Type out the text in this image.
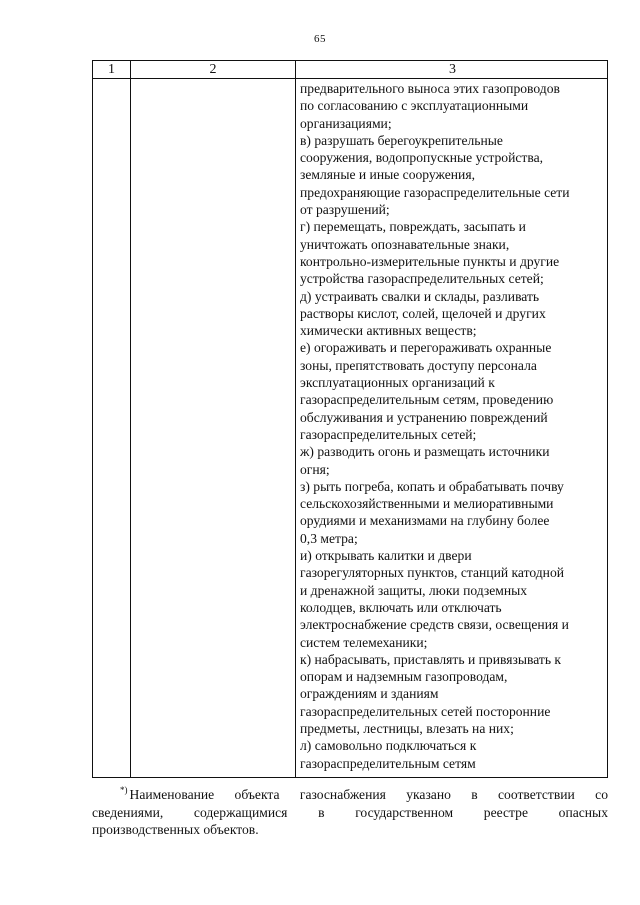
65
1	2	3
предварительного выноса этих газопроводов
по согласованию с эксплуатационными
организациями;
в) разрушать берегоукрепительные
сооружения, водопропускные устройства,
земляные и иные сооружения,
предохраняющие газораспределительные сети
от разрушений;
г) перемещать, повреждать, засыпать и
уничтожать опознавательные знаки,
контрольно-измерительные пункты и другие
устройства газораспределительных сетей;
д) устраивать свалки и склады, разливать
растворы кислот, солей, щелочей и других
химически активных веществ;
е) огораживать и перегораживать охранные
зоны, препятствовать доступу персонала
эксплуатационных организаций к
газораспределительным сетям, проведению
обслуживания и устранению повреждений
газораспределительных сетей;
ж) разводить огонь и размещать источники
огня;
з) рыть погреба, копать и обрабатывать почву
сельскохозяйственными и мелиоративными
орудиями и механизмами на глубину более
0,3 метра;
и) открывать калитки и двери
газорегуляторных пунктов, станций катодной
и дренажной защиты, люки подземных
колодцев, включать или отключать
электроснабжение средств связи, освещения и
систем телемеханики;
к) набрасывать, приставлять и привязывать к
опорам и надземным газопроводам,
ограждениям и зданиям
газораспределительных сетей посторонние
предметы, лестницы, влезать на них;
л) самовольно подключаться к
газораспределительным сетям
*) Наименование объекта газоснабжения указано в соответствии со
сведениями, содержащимися в государственном реестре опасных
производственных объектов.
